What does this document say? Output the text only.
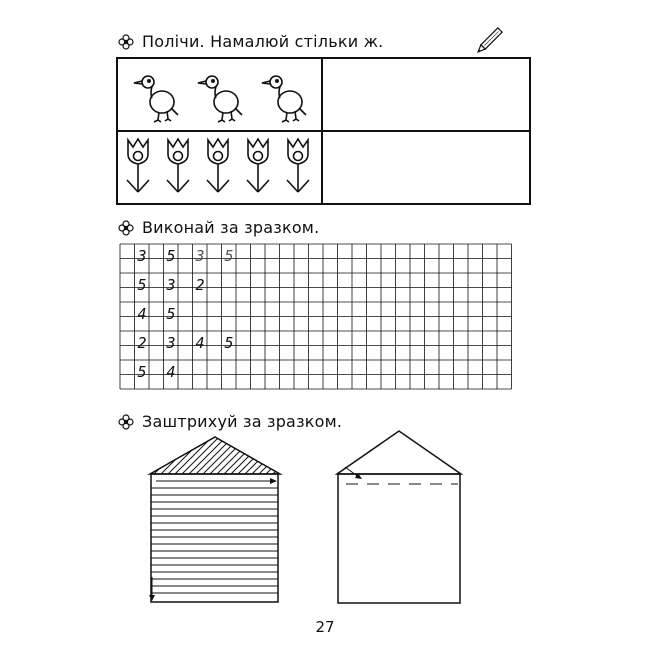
Полічи. Намалюй стільки ж.
Виконай за зразком.
Заштрихуй за зразком.
3	5	3	5
5	3	2
4	5
2	3	4	5
5	4
27
